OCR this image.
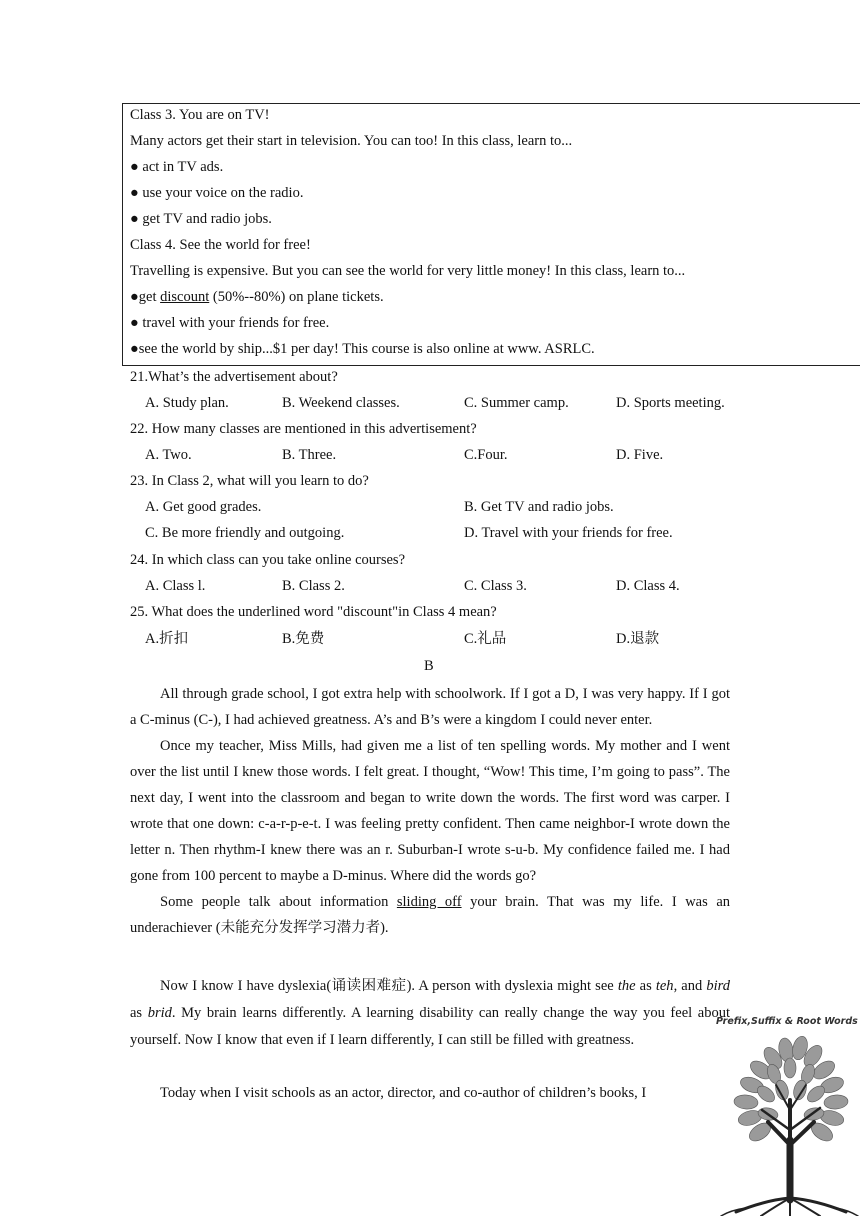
Class 3. You are on TV!
Many actors get their start in television. You can too! In this class, learn to...
● act in TV ads.
● use your voice on the radio.
● get TV and radio jobs.
Class 4. See the world for free!
Travelling is expensive. But you can see the world for very little money! In this class, learn to...
●get discount (50%--80%) on plane tickets.
● travel with your friends for free.
●see the world by ship...$1 per day! This course is also online at www. ASRLC.
21.What’s the advertisement about?
A. Study plan.	B. Weekend classes.	C. Summer camp.	D. Sports meeting.
22. How many classes are mentioned in this advertisement?
A. Two.	B. Three.	C.Four.	D. Five.
23. In Class 2, what will you learn to do?
A. Get good grades.	B. Get TV and radio jobs.
C. Be more friendly and outgoing.	D. Travel with your friends for free.
24. In which class can you take online courses?
A. Class l.	B. Class 2.	C. Class 3.	D. Class 4.
25. What does the underlined word "discount"in Class 4 mean?
A.折扣	B.免费	C.礼品	D.退款
B

All through grade school, I got extra help with schoolwork. If I got a D, I was very happy. If I got a C-minus (C-), I had achieved greatness. A’s and B’s were a kingdom I could never enter.

Once my teacher, Miss Mills, had given me a list of ten spelling words. My mother and I went over the list until I knew those words. I felt great. I thought, “Wow! This time, I’m going to pass”. The next day, I went into the classroom and began to write down the words. The first word was carper. I wrote that one down: c-a-r-p-e-t. I was feeling pretty confident. Then came neighbor-I wrote down the letter n. Then rhythm-I knew there was an r. Suburban-I wrote s-u-b. My confidence failed me. I had gone from 100 percent to maybe a D-minus. Where did the words go?

Some people talk about information sliding off your brain. That was my life. I was an underachiever (未能充分发挥学习潜力者).

Now I know I have dyslexia(诵读困难症). A person with dyslexia might see the as teh, and bird as brid. My brain learns differently. A learning disability can really change the way you feel about yourself. Now I know that even if I learn differently, I can still be filled with greatness.

Today when I visit schools as an actor, director, and co-author of children’s books, I

Prefix,Suffix & Root Words
